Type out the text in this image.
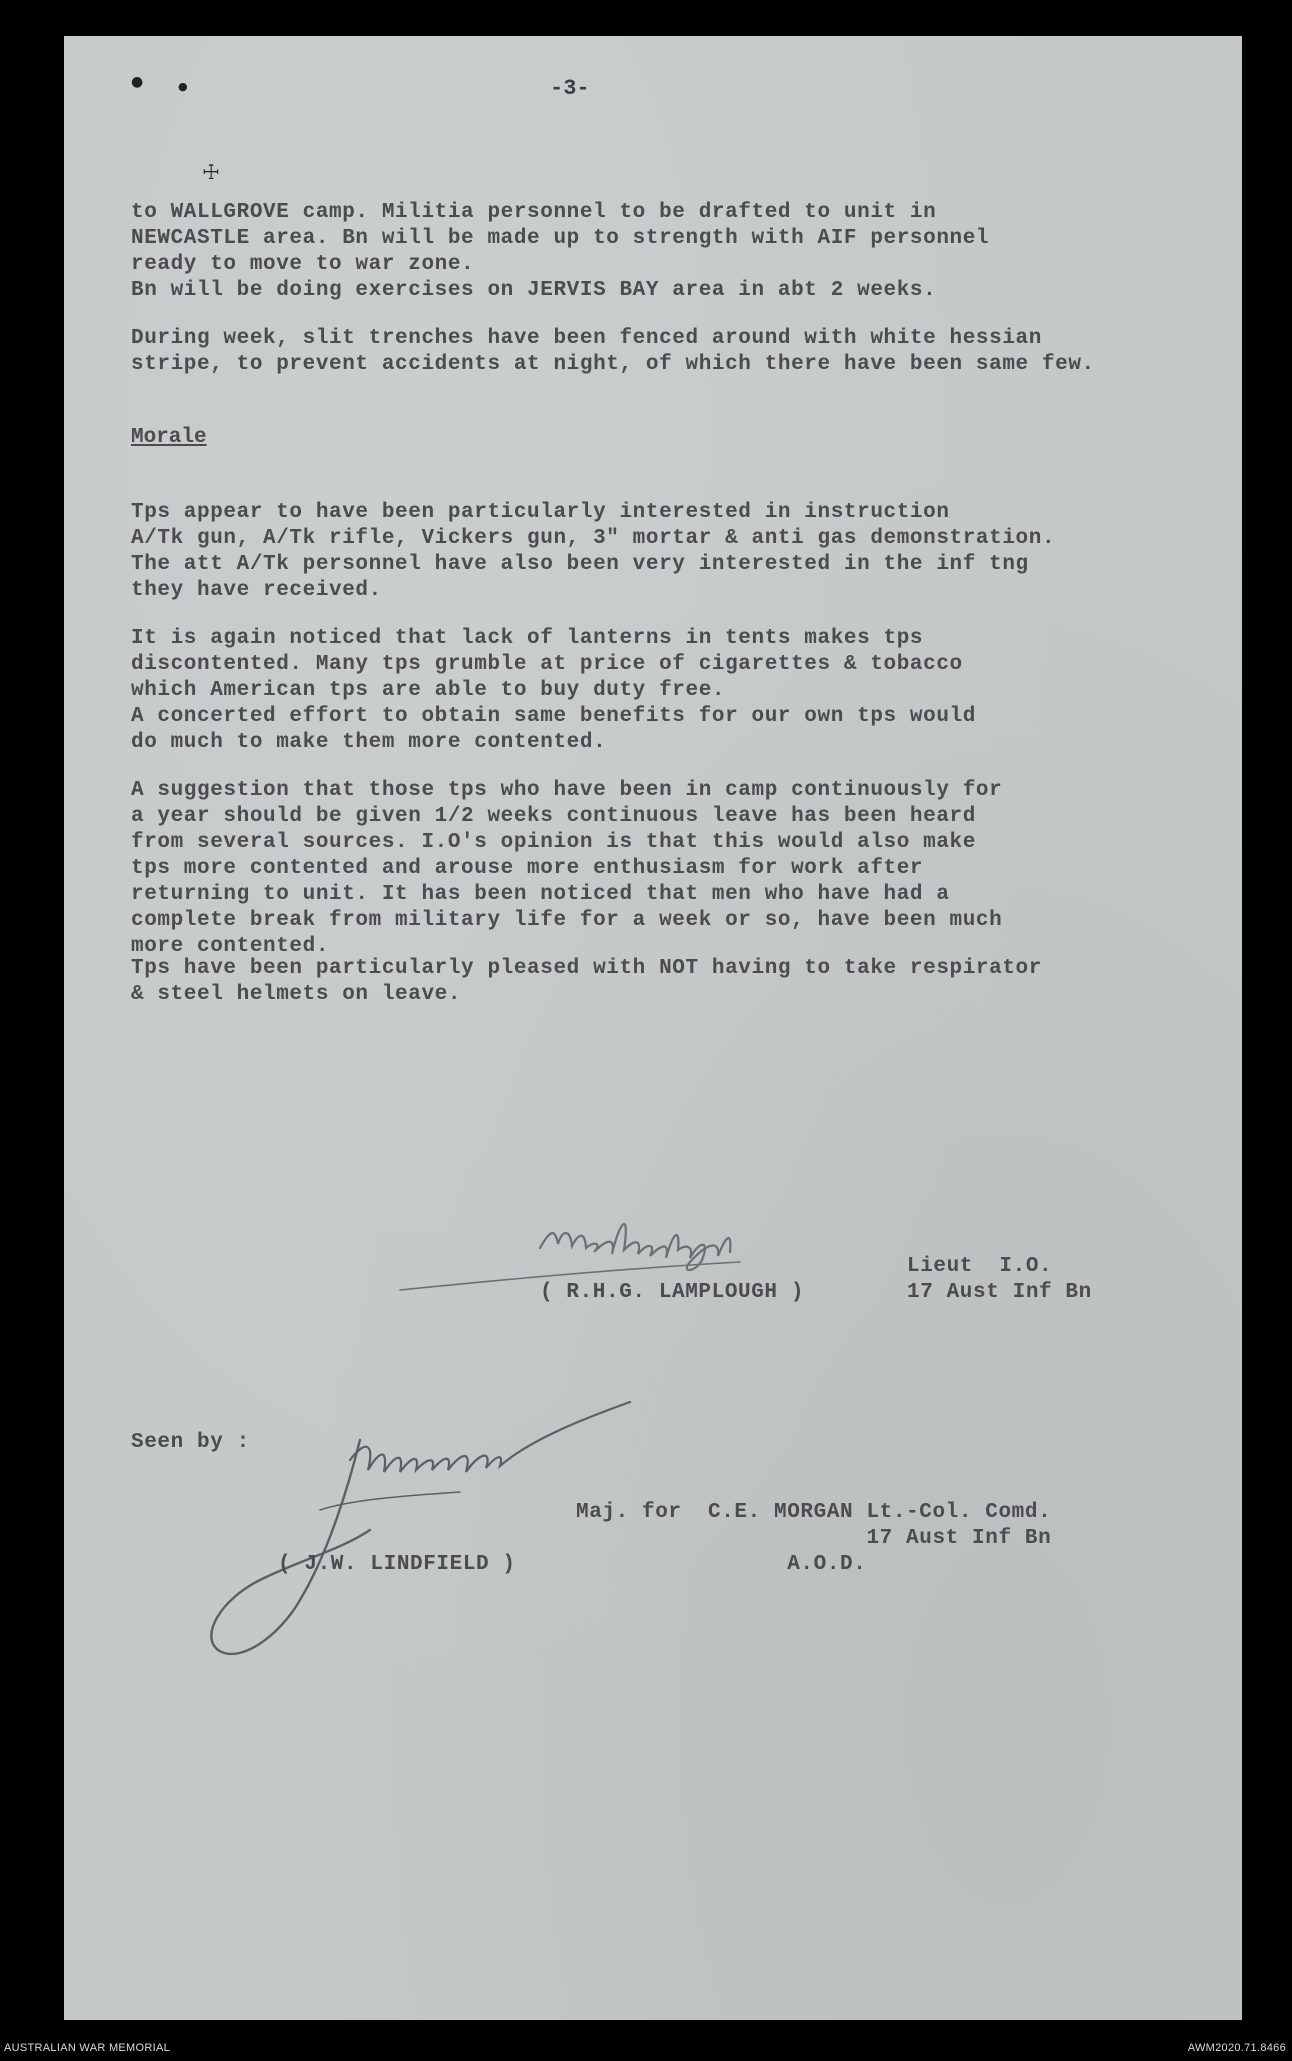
●	●
☩
-3-
to WALLGROVE camp. Militia personnel to be drafted to unit in
NEWCASTLE area. Bn will be made up to strength with AIF personnel
ready to move to war zone.
Bn will be doing exercises on JERVIS BAY area in abt 2 weeks.
During week, slit trenches have been fenced around with white hessian
stripe, to prevent accidents at night, of which there have been same few.
Morale
Tps appear to have been particularly interested in instruction
A/Tk gun, A/Tk rifle, Vickers gun, 3" mortar & anti gas demonstration.
The att A/Tk personnel have also been very interested in the inf tng
they have received.
It is again noticed that lack of lanterns in tents makes tps
discontented. Many tps grumble at price of cigarettes & tobacco
which American tps are able to buy duty free.
A concerted effort to obtain same benefits for our own tps would
do much to make them more contented.
A suggestion that those tps who have been in camp continuously for
a year should be given 1/2 weeks continuous leave has been heard
from several sources. I.O's opinion is that this would also make
tps more contented and arouse more enthusiasm for work after
returning to unit. It has been noticed that men who have had a
complete break from military life for a week or so, have been much
more contented.
Tps have been particularly pleased with NOT having to take respirator
& steel helmets on leave.
( R.H.G. LAMPLOUGH )
Lieut  I.O.
17 Aust Inf Bn
Seen by :
( J.W. LINDFIELD )
Maj. for  C.E. MORGAN Lt.-Col. Comd.
17 Aust Inf Bn
A.O.D.
AUSTRALIAN WAR MEMORIAL	AWM2020.71.8466
